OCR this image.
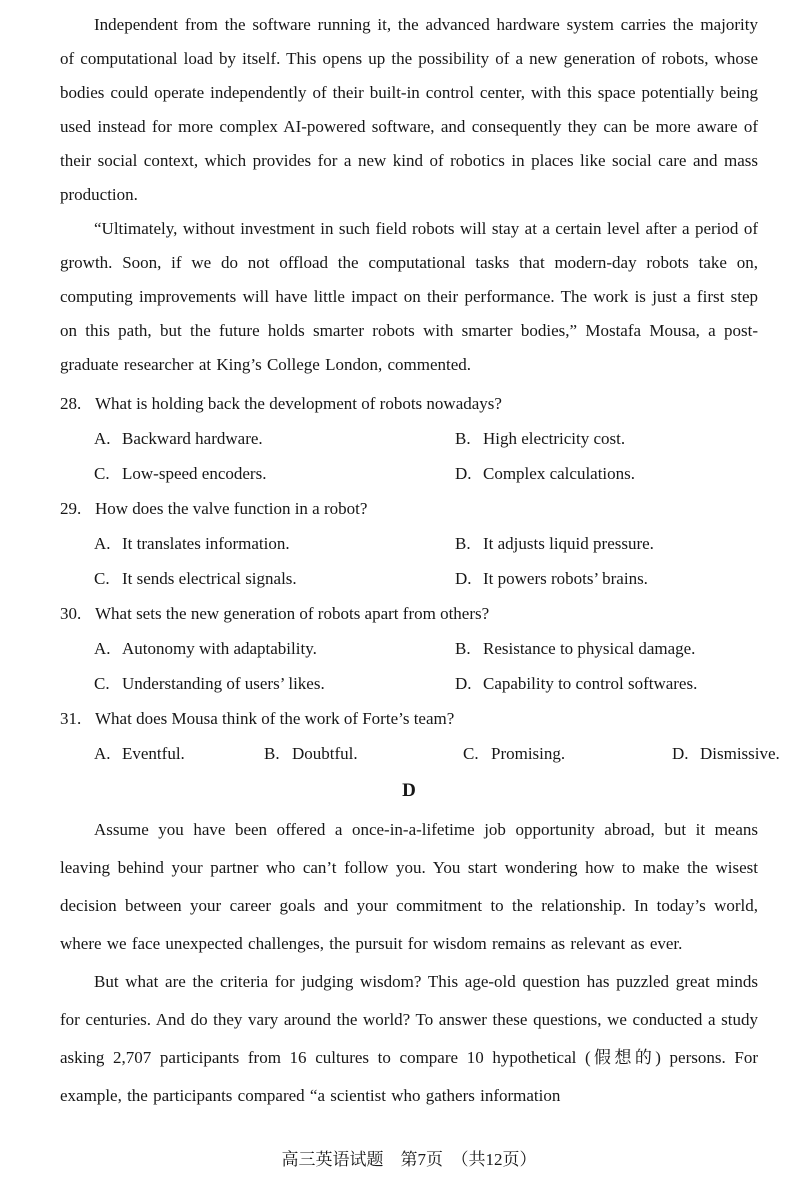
Independent from the software running it, the advanced hardware system carries the majority of computational load by itself. This opens up the possibility of a new generation of robots, whose bodies could operate independently of their built-in control center, with this space potentially being used instead for more complex AI-powered software, and consequently they can be more aware of their social context, which provides for a new kind of robotics in places like social care and mass production.

“Ultimately, without investment in such field robots will stay at a certain level after a period of growth. Soon, if we do not offload the computational tasks that modern-day robots take on, computing improvements will have little impact on their performance. The work is just a first step on this path, but the future holds smarter robots with smarter bodies,” Mostafa Mousa, a post-graduate researcher at King’s College London, commented.

28. What is holding back the development of robots nowadays?
A. Backward hardware.	B. High electricity cost.
C. Low-speed encoders.	D. Complex calculations.
29. How does the valve function in a robot?
A. It translates information.	B. It adjusts liquid pressure.
C. It sends electrical signals.	D. It powers robots’ brains.
30. What sets the new generation of robots apart from others?
A. Autonomy with adaptability.	B. Resistance to physical damage.
C. Understanding of users’ likes.	D. Capability to control softwares.
31. What does Mousa think of the work of Forte’s team?
A. Eventful.	B. Doubtful.	C. Promising.	D. Dismissive.
D

Assume you have been offered a once-in-a-lifetime job opportunity abroad, but it means leaving behind your partner who can’t follow you. You start wondering how to make the wisest decision between your career goals and your commitment to the relationship. In today’s world, where we face unexpected challenges, the pursuit for wisdom remains as relevant as ever.

But what are the criteria for judging wisdom? This age-old question has puzzled great minds for centuries. And do they vary around the world? To answer these questions, we conducted a study asking 2,707 participants from 16 cultures to compare 10 hypothetical (假想的) persons. For example, the participants compared “a scientist who gathers information

高三英语试题　第7页　（共12页）
